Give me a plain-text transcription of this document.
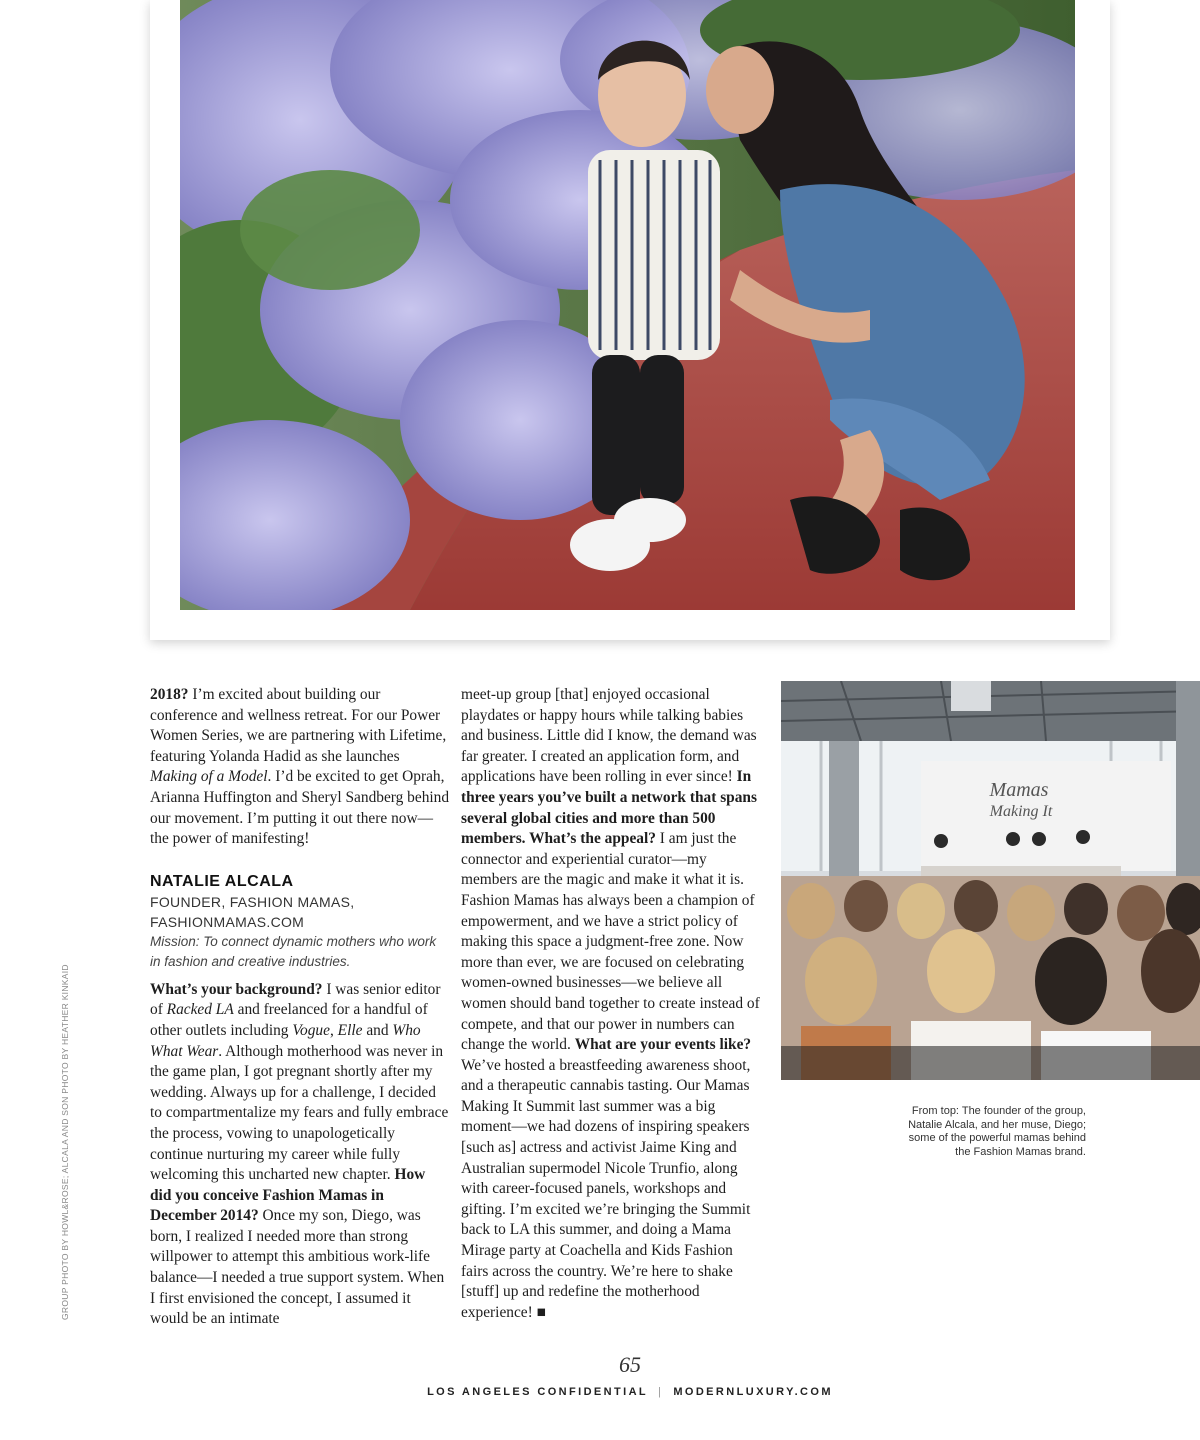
2018? I’m excited about building our conference and wellness retreat. For our Power Women Series, we are partnering with Lifetime, featuring Yolanda Hadid as she launches Making of a Model. I’d be excited to get Oprah, Arianna Huffington and Sheryl Sandberg behind our movement. I’m putting it out there now—the power of manifesting!

NATALIE ALCALA
FOUNDER, FASHION MAMAS,
FASHIONMAMAS.COM
Mission: To connect dynamic mothers who work in fashion and creative industries.

What’s your background? I was senior editor of Racked LA and freelanced for a handful of other outlets including Vogue, Elle and Who What Wear. Although motherhood was never in the game plan, I got pregnant shortly after my wedding. Always up for a challenge, I decided to compartmentalize my fears and fully embrace the process, vowing to unapologetically continue nurturing my career while fully welcoming this uncharted new chapter. How did you conceive Fashion Mamas in December 2014? Once my son, Diego, was born, I realized I needed more than strong willpower to attempt this ambitious work-life balance—I needed a true support system. When I first envisioned the concept, I assumed it would be an intimate

meet-up group [that] enjoyed occasional playdates or happy hours while talking babies and business. Little did I know, the demand was far greater. I created an application form, and applications have been rolling in ever since! In three years you’ve built a network that spans several global cities and more than 500 members. What’s the appeal? I am just the connector and experiential curator—my members are the magic and make it what it is. Fashion Mamas has always been a champion of empowerment, and we have a strict policy of making this space a judgment-free zone. Now more than ever, we are focused on celebrating women-owned businesses—we believe all women should band together to create instead of compete, and that our power in numbers can change the world. What are your events like? We’ve hosted a breastfeeding awareness shoot, and a therapeutic cannabis tasting. Our Mamas Making It Summit last summer was a big moment—we had dozens of inspiring speakers [such as] actress and activist Jaime King and Australian supermodel Nicole Trunfio, along with career-focused panels, workshops and gifting. I’m excited we’re bringing the Summit back to LA this summer, and doing a Mama Mirage party at Coachella and Kids Fashion fairs across the country. We’re here to shake [stuff] up and redefine the motherhood experience! ■

Mamas
Making It
From top: The founder of the group, Natalie Alcala, and her muse, Diego; some of the powerful mamas behind the Fashion Mamas brand.
GROUP PHOTO BY HOWL&ROSE; ALCALA AND SON PHOTO BY HEATHER KINKAID
65
LOS ANGELES CONFIDENTIAL | MODERNLUXURY.COM
